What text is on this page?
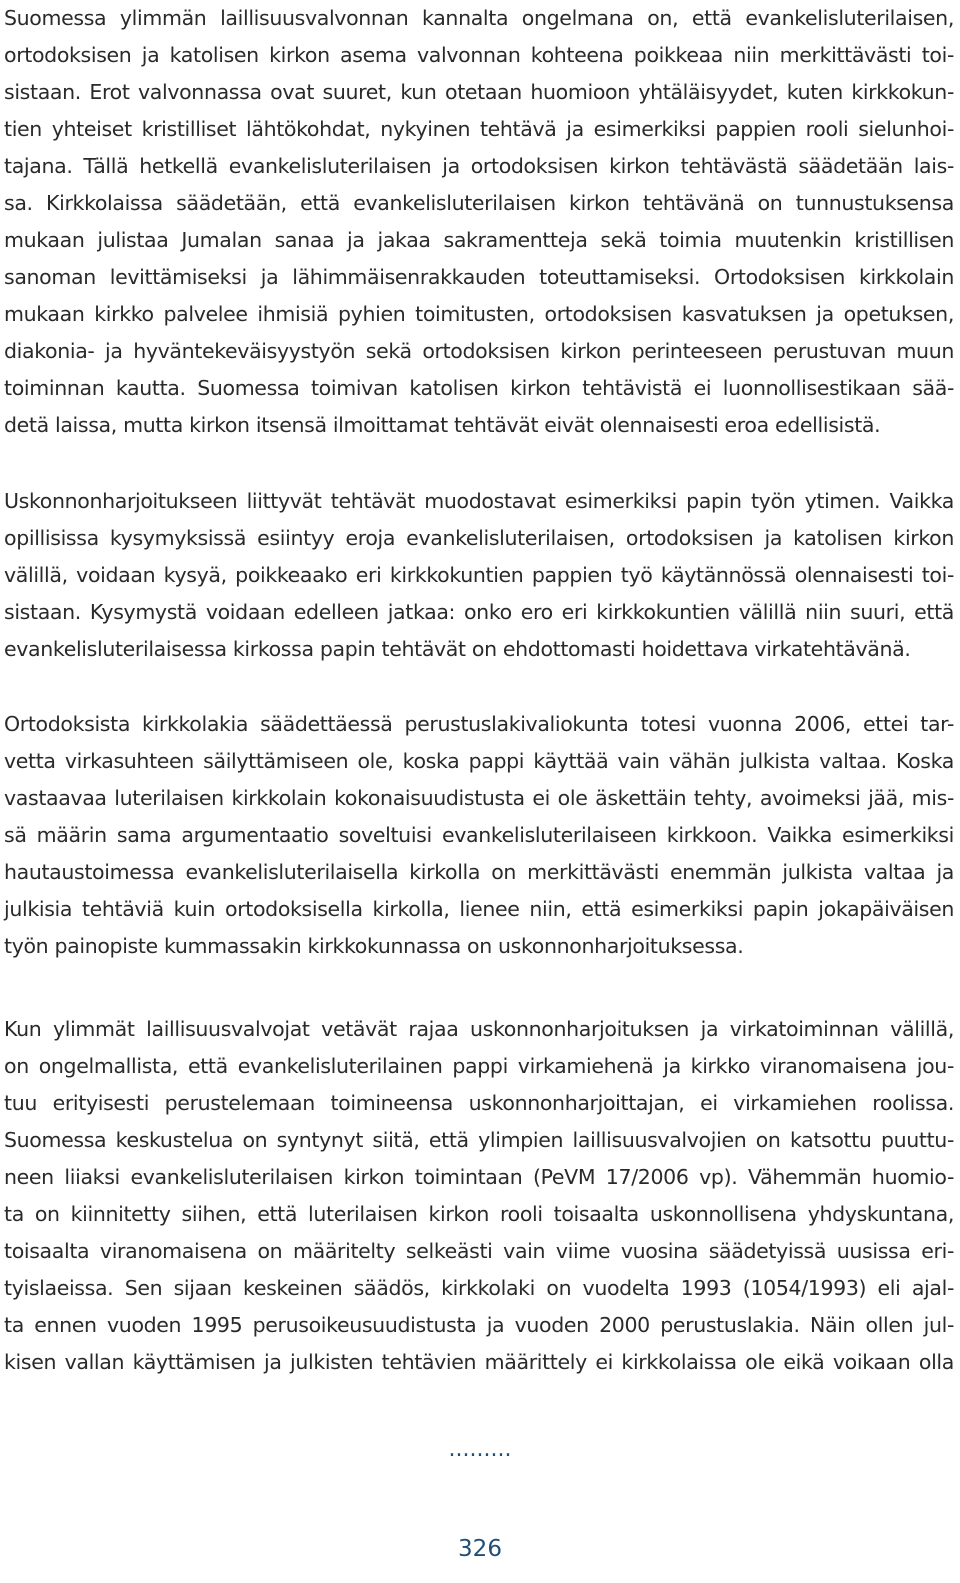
Suomessa ylimmän laillisuusvalvonnan kannalta ongelmana on, että evankelisluterilaisen,
ortodoksisen ja katolisen kirkon asema valvonnan kohteena poikkeaa niin merkittävästi toi-
sistaan. Erot valvonnassa ovat suuret, kun otetaan huomioon yhtäläisyydet, kuten kirkkokun-
tien yhteiset kristilliset lähtökohdat, nykyinen tehtävä ja esimerkiksi pappien rooli sielunhoi-
tajana. Tällä hetkellä evankelisluterilaisen ja ortodoksisen kirkon tehtävästä säädetään lais-
sa. Kirkkolaissa säädetään, että evankelisluterilaisen kirkon tehtävänä on tunnustuksensa
mukaan julistaa Jumalan sanaa ja jakaa sakramentteja sekä toimia muutenkin kristillisen
sanoman levittämiseksi ja lähimmäisenrakkauden toteuttamiseksi. Ortodoksisen kirkkolain
mukaan kirkko palvelee ihmisiä pyhien toimitusten, ortodoksisen kasvatuksen ja opetuksen,
diakonia- ja hyväntekeväisyystyön sekä ortodoksisen kirkon perinteeseen perustuvan muun
toiminnan kautta. Suomessa toimivan katolisen kirkon tehtävistä ei luonnollisestikaan sää-
detä laissa, mutta kirkon itsensä ilmoittamat tehtävät eivät olennaisesti eroa edellisistä.
Uskonnonharjoitukseen liittyvät tehtävät muodostavat esimerkiksi papin työn ytimen. Vaikka
opillisissa kysymyksissä esiintyy eroja evankelisluterilaisen, ortodoksisen ja katolisen kirkon
välillä, voidaan kysyä, poikkeaako eri kirkkokuntien pappien työ käytännössä olennaisesti toi-
sistaan. Kysymystä voidaan edelleen jatkaa: onko ero eri kirkkokuntien välillä niin suuri, että
evankelisluterilaisessa kirkossa papin tehtävät on ehdottomasti hoidettava virkatehtävänä.
Ortodoksista kirkkolakia säädettäessä perustuslakivaliokunta totesi vuonna 2006, ettei tar-
vetta virkasuhteen säilyttämiseen ole, koska pappi käyttää vain vähän julkista valtaa. Koska
vastaavaa luterilaisen kirkkolain kokonaisuudistusta ei ole äskettäin tehty, avoimeksi jää, mis-
sä määrin sama argumentaatio soveltuisi evankelisluterilaiseen kirkkoon. Vaikka esimerkiksi
hautaustoimessa evankelisluterilaisella kirkolla on merkittävästi enemmän julkista valtaa ja
julkisia tehtäviä kuin ortodoksisella kirkolla, lienee niin, että esimerkiksi papin jokapäiväisen
työn painopiste kummassakin kirkkokunnassa on uskonnonharjoituksessa.
Kun ylimmät laillisuusvalvojat vetävät rajaa uskonnonharjoituksen ja virkatoiminnan välillä,
on ongelmallista, että evankelisluterilainen pappi virkamiehenä ja kirkko viranomaisena jou-
tuu erityisesti perustelemaan toimineensa uskonnonharjoittajan, ei virkamiehen roolissa.
Suomessa keskustelua on syntynyt siitä, että ylimpien laillisuusvalvojien on katsottu puuttu-
neen liiaksi evankelisluterilaisen kirkon toimintaan (PeVM 17/2006 vp). Vähemmän huomio-
ta on kiinnitetty siihen, että luterilaisen kirkon rooli toisaalta uskonnollisena yhdyskuntana,
toisaalta viranomaisena on määritelty selkeästi vain viime vuosina säädetyissä uusissa eri-
tyislaeissa. Sen sijaan keskeinen säädös, kirkkolaki on vuodelta 1993 (1054/1993) eli ajal-
ta ennen vuoden 1995 perusoikeusuudistusta ja vuoden 2000 perustuslakia. Näin ollen jul-
kisen vallan käyttämisen ja julkisten tehtävien määrittely ei kirkkolaissa ole eikä voikaan olla
.........
326
